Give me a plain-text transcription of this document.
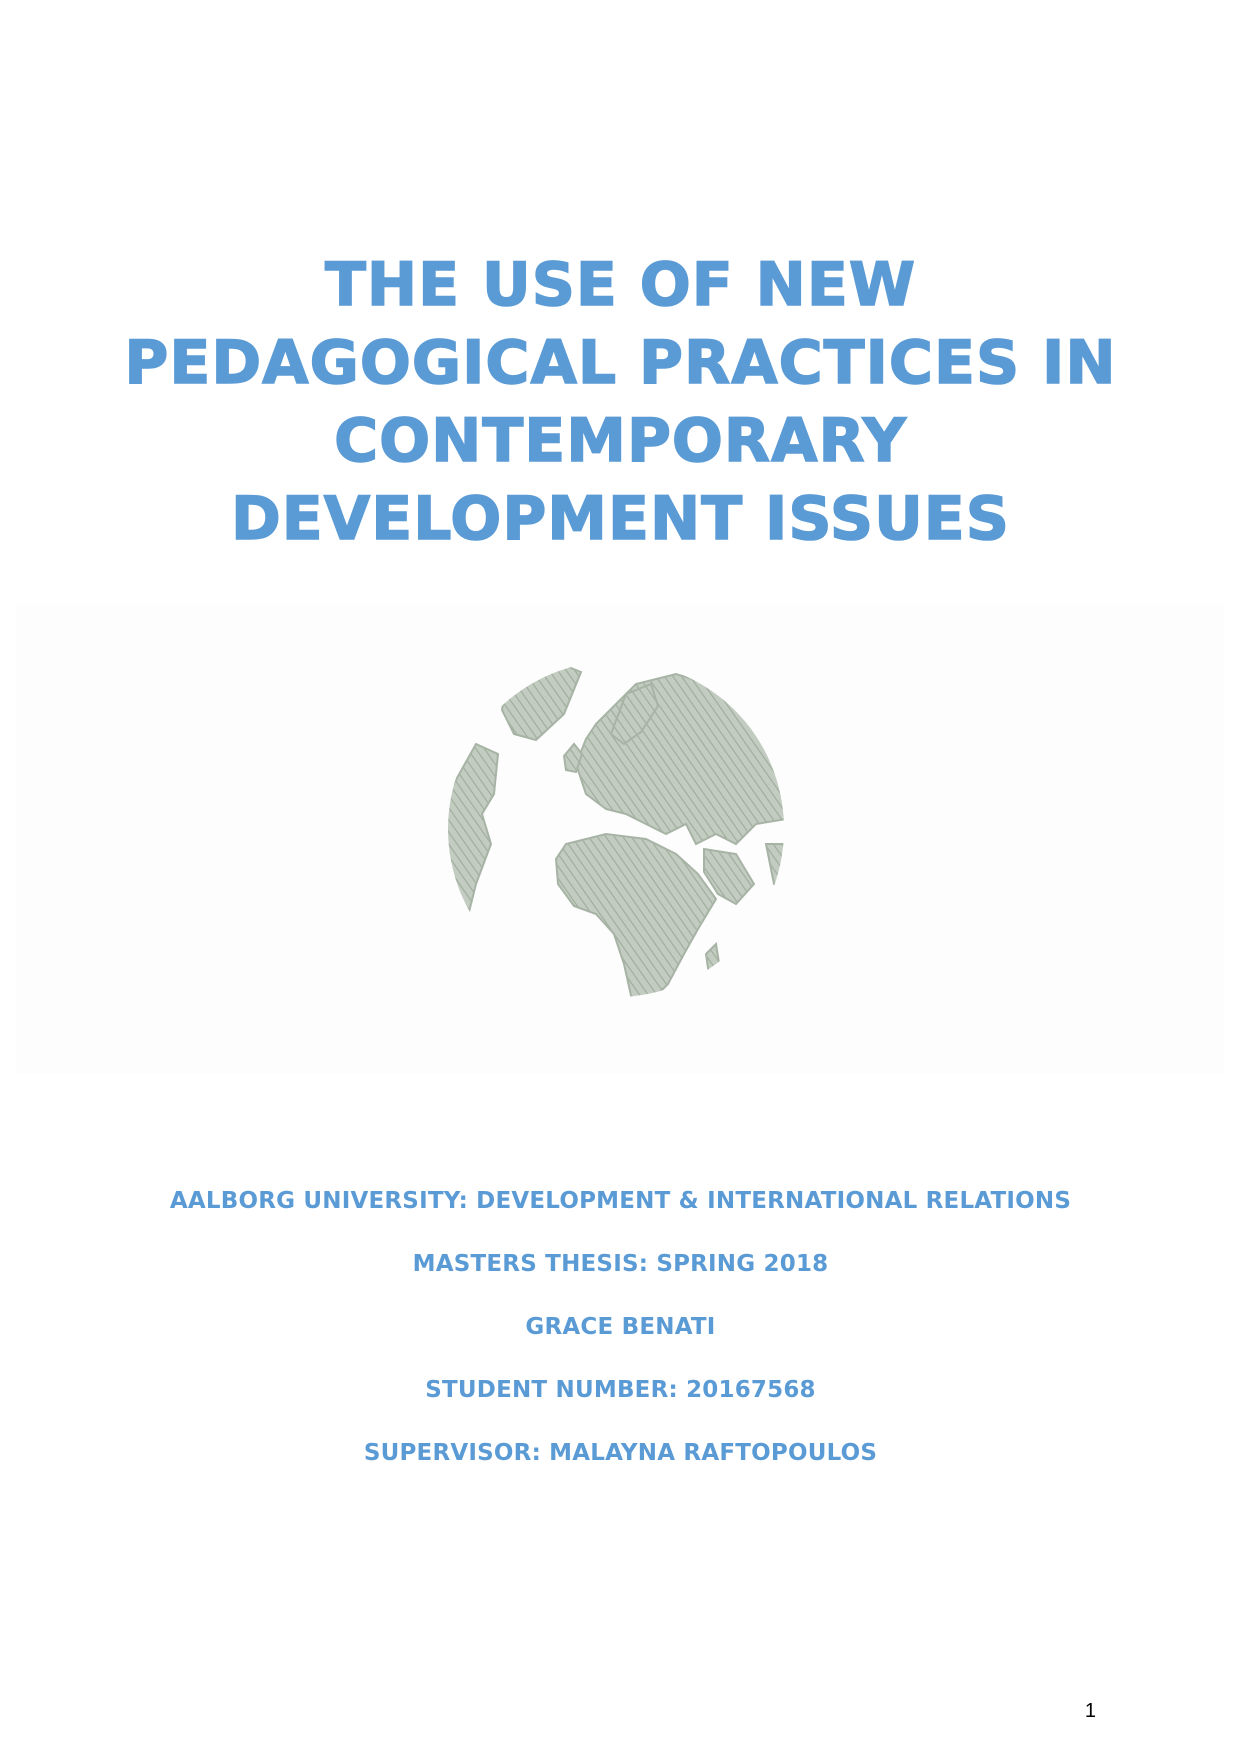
THE USE OF NEW
PEDAGOGICAL PRACTICES IN
CONTEMPORARY
DEVELOPMENT ISSUES
AALBORG UNIVERSITY: DEVELOPMENT & INTERNATIONAL RELATIONS
MASTERS THESIS: SPRING 2018
GRACE BENATI
STUDENT NUMBER: 20167568
SUPERVISOR: MALAYNA RAFTOPOULOS
1
